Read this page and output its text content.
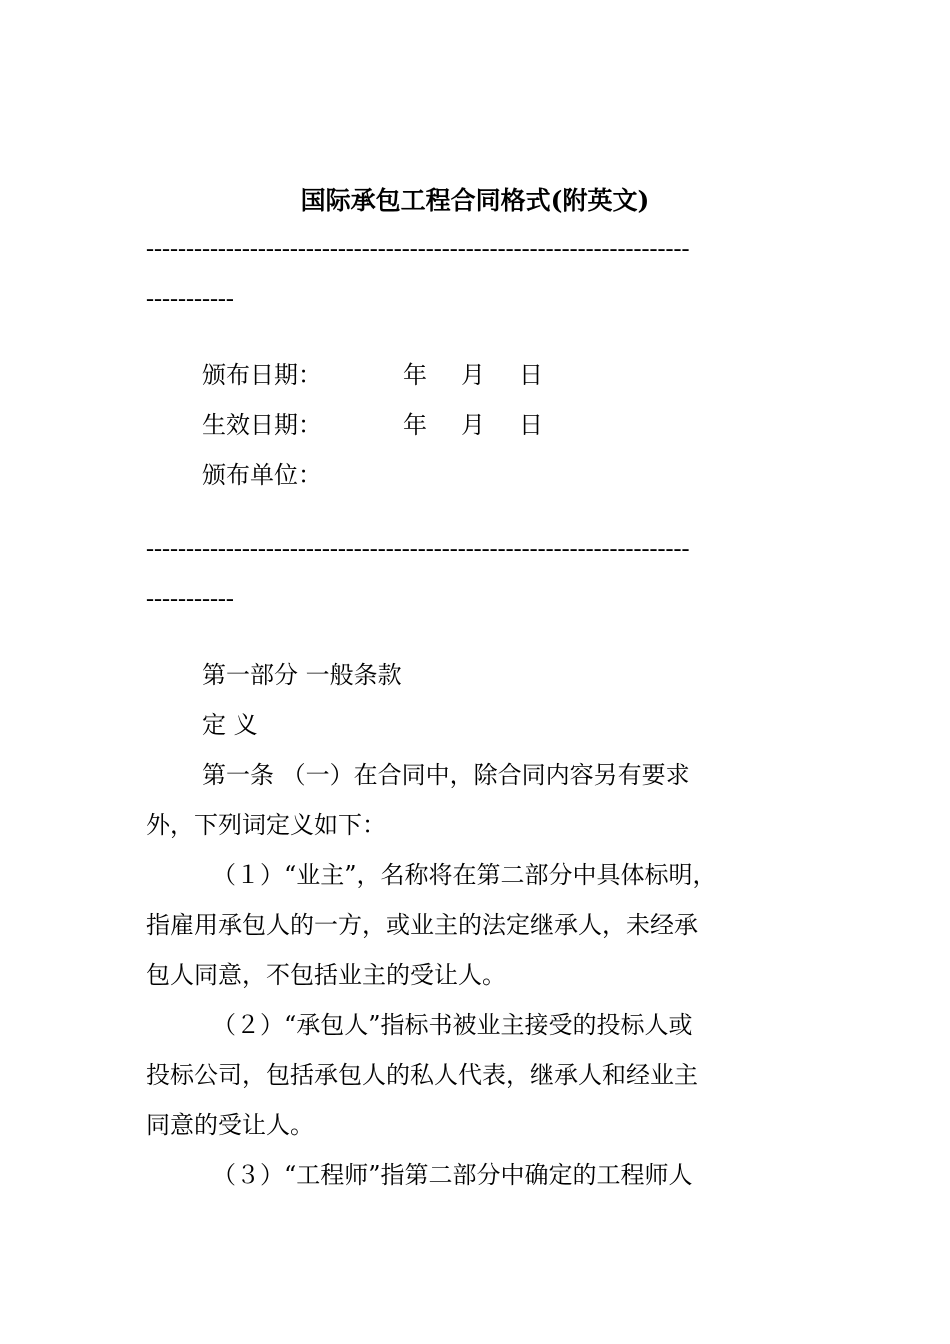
国际承包工程合同格式(附英文)
--------------------------------------------------------------------
-----------
颁布日期：	年 月 日
生效日期：	年 月 日
颁布单位：
--------------------------------------------------------------------
-----------
第一部分 一般条款
定 义
第一条 （一）在合同中，除合同内容另有要求
外，下列词定义如下：
（１）“业主”，名称将在第二部分中具体标明，
指雇用承包人的一方，或业主的法定继承人，未经承
包人同意，不包括业主的受让人。
（２）“承包人”指标书被业主接受的投标人或
投标公司，包括承包人的私人代表，继承人和经业主
同意的受让人。
（３）“工程师”指第二部分中确定的工程师人
